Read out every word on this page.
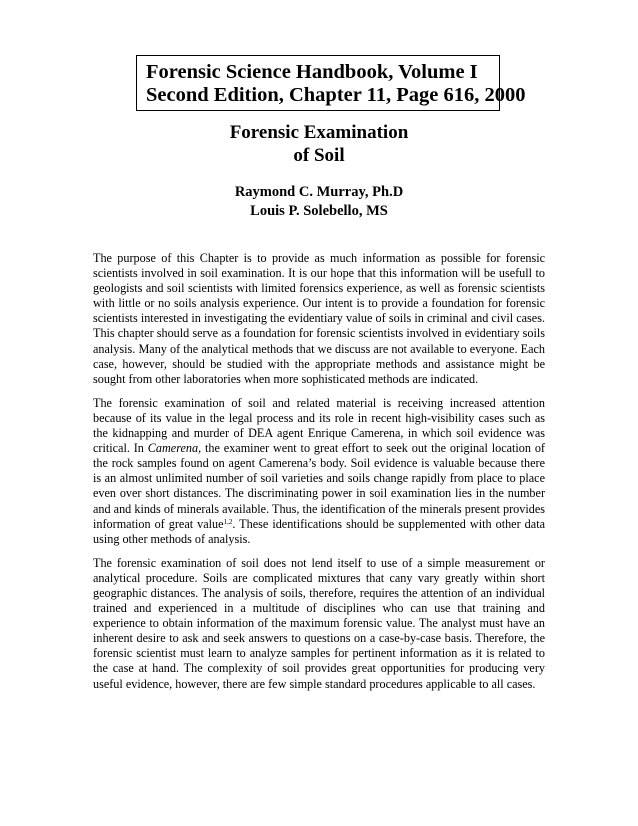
Forensic Science Handbook, Volume I
Second Edition, Chapter 11, Page 616, 2000
Forensic Examination
of Soil
Raymond C. Murray, Ph.D
Louis P. Solebello, MS

The purpose of this Chapter is to provide as much information as possible for forensic scientists involved in soil examination. It is our hope that this information will be usefull to geologists and soil scientists with limited forensics experience, as well as forensic scientists with little or no soils analysis experience. Our intent is to provide a foundation for forensic scientists interested in investigating the evidentiary value of soils in criminal and civil cases. This chapter should serve as a foundation for forensic scientists involved in evidentiary soils analysis. Many of the analytical methods that we discuss are not available to everyone. Each case, however, should be studied with the appropriate methods and assistance might be sought from other laboratories when more sophisticated methods are indicated.

The forensic examination of soil and related material is receiving increased attention because of its value in the legal process and its role in recent high-visibility cases such as the kidnapping and murder of DEA agent Enrique Camerena, in which soil evidence was critical. In Camerena, the examiner went to great effort to seek out the original location of the rock samples found on agent Camerena’s body. Soil evidence is valuable because there is an almost unlimited number of soil varieties and soils change rapidly from place to place even over short distances. The discriminating power in soil examination lies in the number and and kinds of minerals available. Thus, the identification of the minerals present provides information of great value$^{1,2}$. These identifications should be supplemented with other data using other methods of analysis.

The forensic examination of soil does not lend itself to use of a simple measurement or analytical procedure. Soils are complicated mixtures that cany vary greatly within short geographic distances. The analysis of soils, therefore, requires the attention of an individual trained and experienced in a multitude of disciplines who can use that training and experience to obtain information of the maximum forensic value. The analyst must have an inherent desire to ask and seek answers to questions on a case-by-case basis. Therefore, the forensic scientist must learn to analyze samples for pertinent information as it is related to the case at hand. The complexity of soil provides great opportunities for producing very useful evidence, however, there are few simple standard procedures applicable to all cases.
